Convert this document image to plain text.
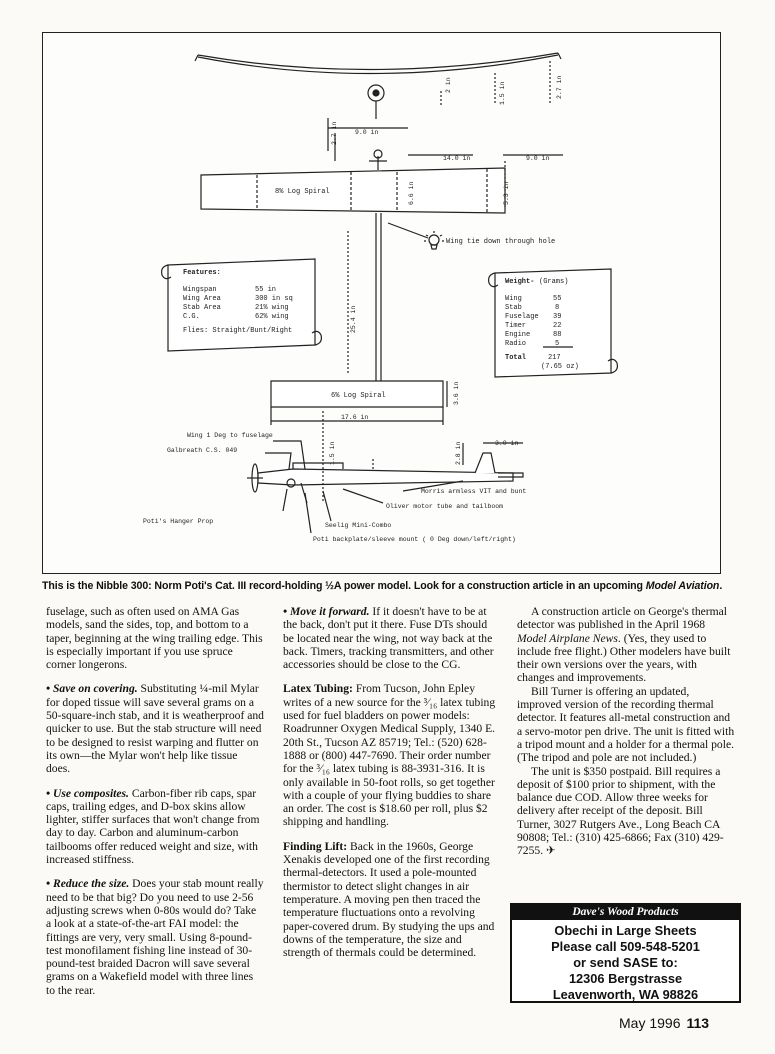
2 in	1.5 in	2.7 in
8% Log Spiral
9.0 in
14.0 in	9.0 in
2.7 in
6.6 in	5.3 in
25.4 in
Wing tie down through hole
6% Log Spiral
17.6 in
3.6 in
Features:
Wingspan	55 in
Wing Area	300 in sq
Stab Area	21% wing
C.G.	62% wing
Flies: Straight/Bunt/Right
Weight- (Grams)
Wing	55
Stab	8
Fuselage 39
Timer	22
Engine	88
Radio	5
Total	217
(7.65 oz)
1.5 in	2.8 in	3.0 in
Wing 1 Deg to fuselage
Galbreath C.S. 049
Morris armless VIT and bunt
Oliver motor tube and tailboom
Poti's Hanger Prop
Seelig Mini-Combo
Poti backplate/sleeve mount ( 0 Deg down/left/right)
This is the Nibble 300: Norm Poti's Cat. III record-holding ½A power model. Look for a construction article in an upcoming Model Aviation.

fuselage, such as often used on AMA Gas models, sand the sides, top, and bottom to a taper, beginning at the wing trailing edge. This is especially important if you use spruce corner longerons.

• Save on covering. Substituting ¼-mil Mylar for doped tissue will save several grams on a 50-square-inch stab, and it is weatherproof and quicker to use. But the stab structure will need to be designed to resist warping and flutter on its own—the Mylar won't help like tissue does.

• Use composites. Carbon-fiber rib caps, spar caps, trailing edges, and D-box skins allow lighter, stiffer surfaces that won't change from day to day. Carbon and aluminum-carbon tailbooms offer reduced weight and size, with increased stiffness.

• Reduce the size. Does your stab mount really need to be that big? Do you need to use 2-56 adjusting screws when 0-80s would do? Take a look at a state-of-the-art FAI model: the fittings are very, very small. Using 8-pound-test monofilament fishing line instead of 30-pound-test braided Dacron will save several grams on a Wakefield model with three lines to the rear.

• Move it forward. If it doesn't have to be at the back, don't put it there. Fuse DTs should be located near the wing, not way back at the back. Timers, tracking transmitters, and other accessories should be close to the CG.

Latex Tubing: From Tucson, John Epley writes of a new source for the ³⁄₁₆ latex tubing used for fuel bladders on power models: Roadrunner Oxygen Medical Supply, 1340 E. 20th St., Tucson AZ 85719; Tel.: (520) 628-1888 or (800) 447-7690. Their order number for the ³⁄₁₆ latex tubing is 88-3931-316. It is only available in 50-foot rolls, so get together with a couple of your flying buddies to share an order. The cost is $18.60 per roll, plus $2 shipping and handling.

Finding Lift: Back in the 1960s, George Xenakis developed one of the first recording thermal-detectors. It used a pole-mounted thermistor to detect slight changes in air temperature. A moving pen then traced the temperature fluctuations onto a revolving paper-covered drum. By studying the ups and downs of the temperature, the size and strength of thermals could be determined.

A construction article on George's thermal detector was published in the April 1968 Model Airplane News. (Yes, they used to include free flight.) Other modelers have built their own versions over the years, with changes and improvements.

Bill Turner is offering an updated, improved version of the recording thermal detector. It features all-metal construction and a servo-motor pen drive. The unit is fitted with a tripod mount and a holder for a thermal pole. (The tripod and pole are not included.)

The unit is $350 postpaid. Bill requires a deposit of $100 prior to shipment, with the balance due COD. Allow three weeks for delivery after receipt of the deposit. Bill Turner, 3027 Rutgers Ave., Long Beach CA 90808; Tel.: (310) 425-6866; Fax (310) 429-7255. ✈

Dave's Wood Products
Obechi in Large Sheets
Please call 509-548-5201
or send SASE to:
12306 Bergstrasse
Leavenworth, WA 98826
May 1996 113
